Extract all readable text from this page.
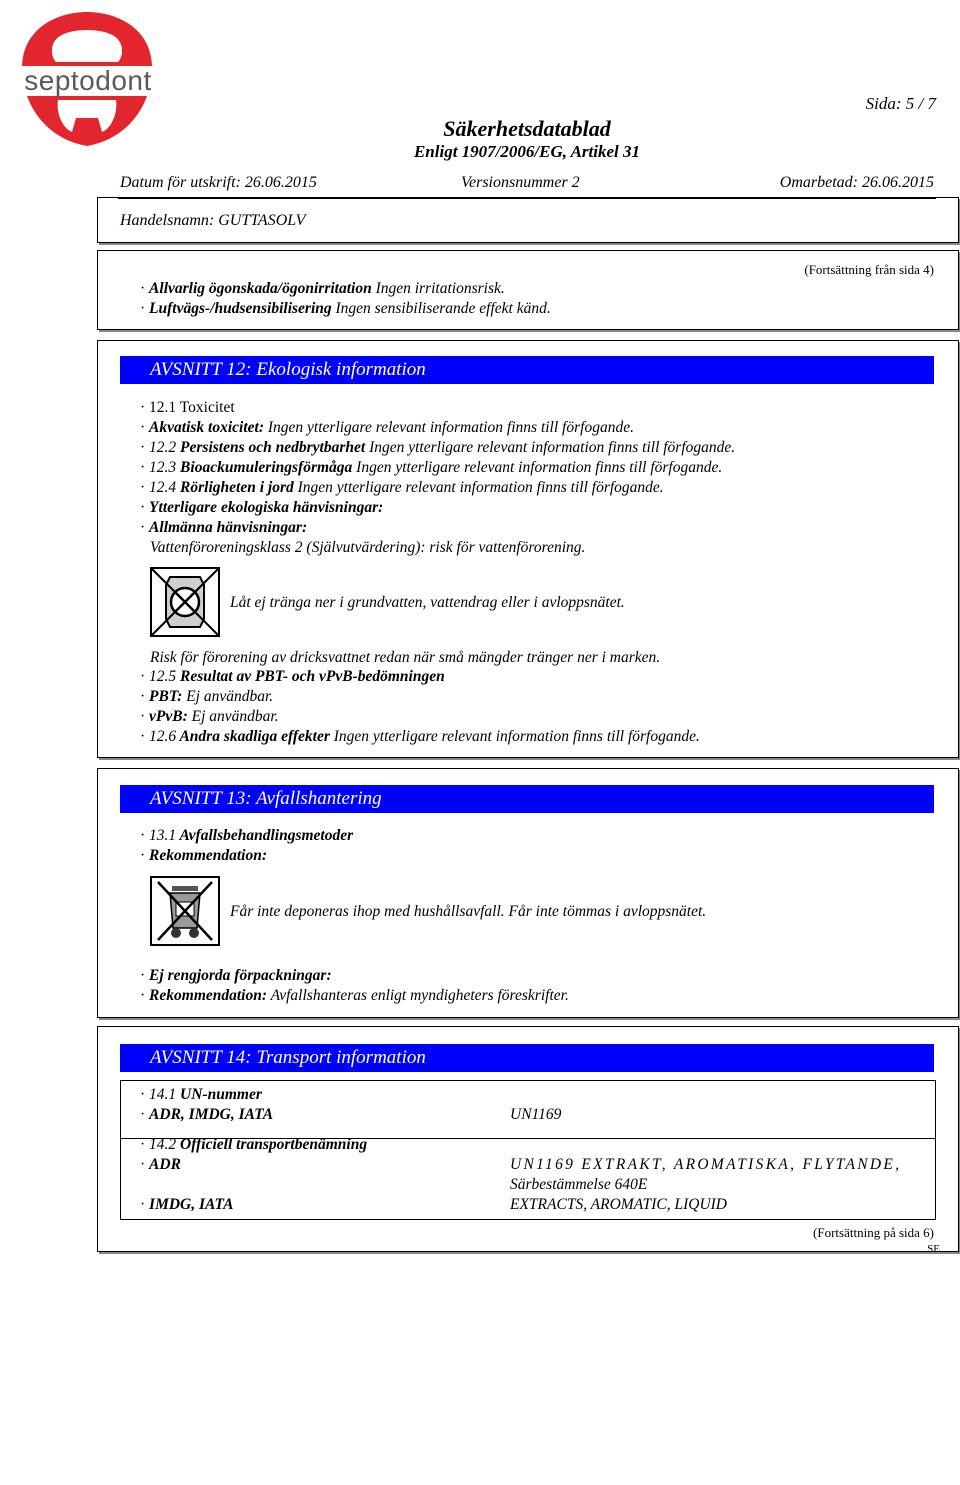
septodont
Sida: 5 / 7
Säkerhetsdatablad
Enligt 1907/2006/EG, Artikel 31
Datum för utskrift: 26.06.2015	Versionsnummer 2	Omarbetad: 26.06.2015
Handelsnamn: GUTTASOLV
(Fortsättning från sida 4)
· Allvarlig ögonskada/ögonirritation Ingen irritationsrisk.
· Luftvägs-/hudsensibilisering Ingen sensibiliserande effekt känd.
AVSNITT 12: Ekologisk information
· 12.1 Toxicitet
· Akvatisk toxicitet: Ingen ytterligare relevant information finns till förfogande.
· 12.2 Persistens och nedbrytbarhet Ingen ytterligare relevant information finns till förfogande.
· 12.3 Bioackumuleringsförmåga Ingen ytterligare relevant information finns till förfogande.
· 12.4 Rörligheten i jord Ingen ytterligare relevant information finns till förfogande.
· Ytterligare ekologiska hänvisningar:
· Allmänna hänvisningar:
Vattenföroreningsklass 2 (Självutvärdering): risk för vattenförorening.
Låt ej tränga ner i grundvatten, vattendrag eller i avloppsnätet.
Risk för förorening av dricksvattnet redan när små mängder tränger ner i marken.
· 12.5 Resultat av PBT- och vPvB-bedömningen
· PBT: Ej användbar.
· vPvB: Ej användbar.
· 12.6 Andra skadliga effekter Ingen ytterligare relevant information finns till förfogande.
AVSNITT 13: Avfallshantering
· 13.1 Avfallsbehandlingsmetoder
· Rekommendation:
Får inte deponeras ihop med hushållsavfall. Får inte tömmas i avloppsnätet.
· Ej rengjorda förpackningar:
· Rekommendation: Avfallshanteras enligt myndigheters föreskrifter.
AVSNITT 14: Transport information
· 14.1 UN-nummer
· ADR, IMDG, IATA	UN1169
· 14.2 Officiell transportbenämning
· ADR	UN1169 EXTRAKT, AROMATISKA, FLYTANDE,
Särbestämmelse 640E
· IMDG, IATA	EXTRACTS, AROMATIC, LIQUID
(Fortsättning på sida 6)
SE
